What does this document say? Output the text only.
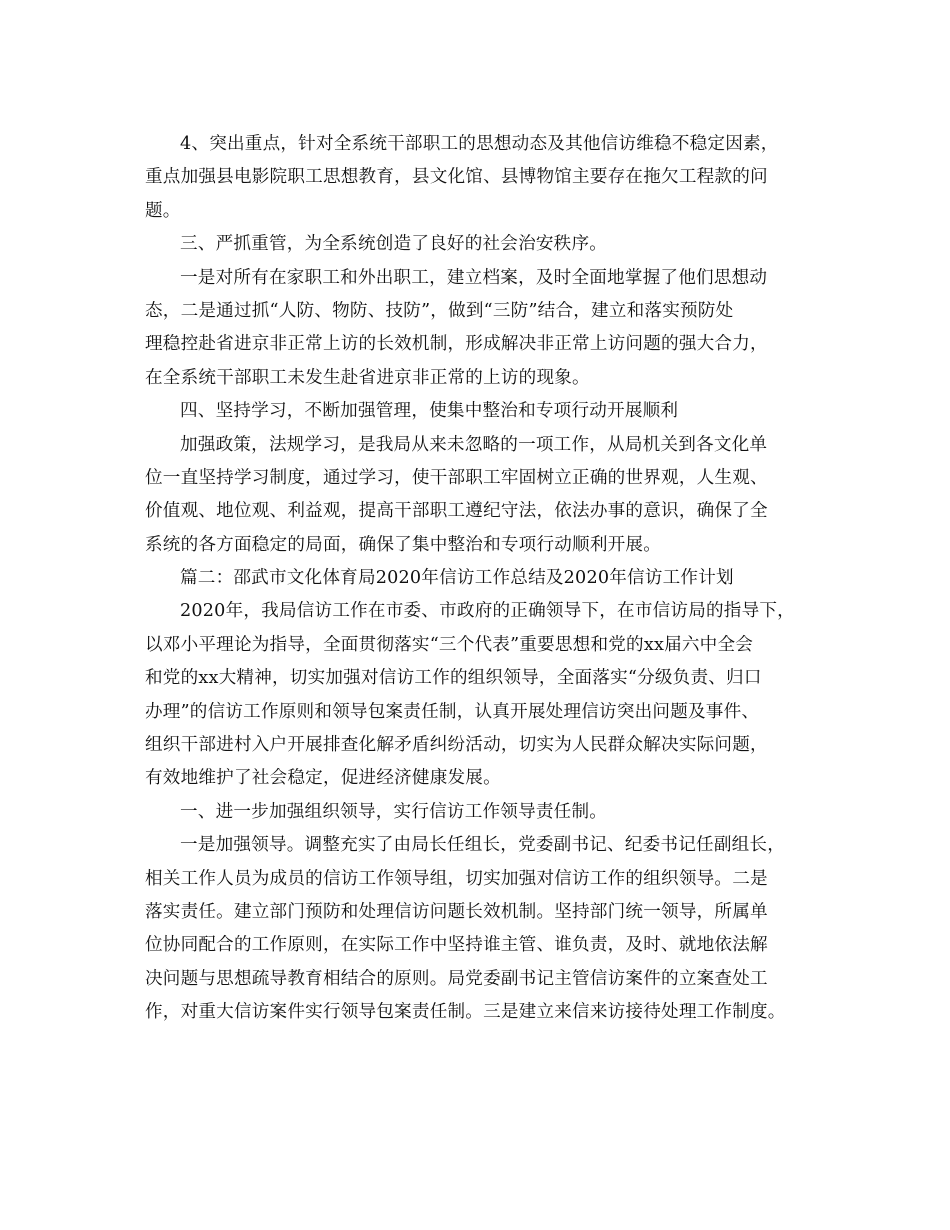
4、突出重点，针对全系统干部职工的思想动态及其他信访维稳不稳定因素，
重点加强县电影院职工思想教育，县文化馆、县博物馆主要存在拖欠工程款的问
题。
三、严抓重管，为全系统创造了良好的社会治安秩序。
一是对所有在家职工和外出职工，建立档案，及时全面地掌握了他们思想动
态，二是通过抓“人防、物防、技防”，做到“三防”结合，建立和落实预防处
理稳控赴省进京非正常上访的长效机制，形成解决非正常上访问题的强大合力，
在全系统干部职工未发生赴省进京非正常的上访的现象。
四、坚持学习，不断加强管理，使集中整治和专项行动开展顺利
加强政策，法规学习，是我局从来未忽略的一项工作，从局机关到各文化单
位一直坚持学习制度，通过学习，使干部职工牢固树立正确的世界观，人生观、
价值观、地位观、利益观，提高干部职工遵纪守法，依法办事的意识，确保了全
系统的各方面稳定的局面，确保了集中整治和专项行动顺利开展。
篇二：邵武市文化体育局2020年信访工作总结及2020年信访工作计划
2020年，我局信访工作在市委、市政府的正确领导下，在市信访局的指导下，
以邓小平理论为指导，全面贯彻落实“三个代表”重要思想和党的xx届六中全会
和党的xx大精神，切实加强对信访工作的组织领导，全面落实“分级负责、归口
办理”的信访工作原则和领导包案责任制，认真开展处理信访突出问题及事件、
组织干部进村入户开展排查化解矛盾纠纷活动，切实为人民群众解决实际问题，
有效地维护了社会稳定，促进经济健康发展。
一、进一步加强组织领导，实行信访工作领导责任制。
一是加强领导。调整充实了由局长任组长，党委副书记、纪委书记任副组长，
相关工作人员为成员的信访工作领导组，切实加强对信访工作的组织领导。二是
落实责任。建立部门预防和处理信访问题长效机制。坚持部门统一领导，所属单
位协同配合的工作原则，在实际工作中坚持谁主管、谁负责，及时、就地依法解
决问题与思想疏导教育相结合的原则。局党委副书记主管信访案件的立案查处工
作，对重大信访案件实行领导包案责任制。三是建立来信来访接待处理工作制度。
